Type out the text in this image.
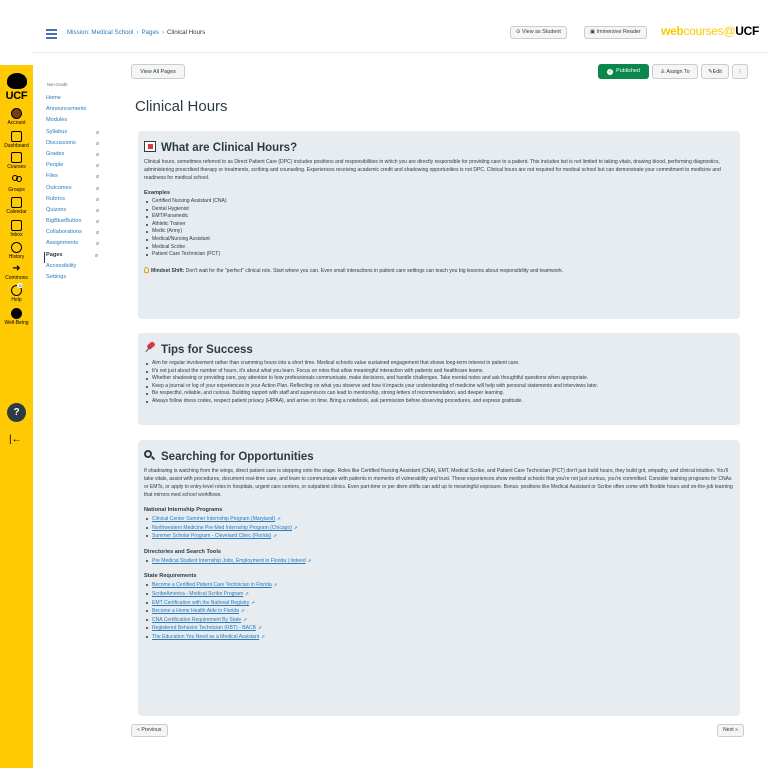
Mission: Medical School › Pages › Clinical Hours	⊙ View as Student	▣ Immersive Reader	webcourses@UCF
UCF
Account
Dashboard
Courses
Groups
Calendar
Inbox
History
➜
Commons
10
Help
Well-Being
?
|←
Non-Credit
Home
Announcements
Modules
Syllabus	ø
Discussions	ø
Grades	ø
People	ø
Files	ø
Outcomes	ø
Rubrics	ø
Quizzes	ø
BigBlueButton	ø
Collaborations	ø
Assignments	ø
Pages	ø
Accessibility
Settings
View All Pages	✓ Published	♙ Assign To	✎Edit	⋮
Clinical Hours
What are Clinical Hours?

Clinical hours, sometimes referred to as Direct Patient Care (DPC) includes positions and responsibilities in which you are directly responsible for providing care to a patient. This includes but is not limited to taking vitals, drawing blood, performing diagnostics, administering prescribed therapy or treatments, scribing and counseling. Experiences receiving academic credit and shadowing opportunities is not DPC. Clinical hours are not required for medical school but can demonstrate your commitment to medicine and readiness for medical school.

Examples
Certified Nursing Assistant (CNA)
Dental Hygienist
EMT/Paramedic
Athletic Trainer
Medic (Army)
Medical/Nursing Assistant
Medical Scribe
Patient Care Technician (PCT)
Mindset Shift: Don't wait for the "perfect" clinical role. Start where you can. Even small interactions in patient care settings can teach you big lessons about responsibility and teamwork.
Tips for Success
Aim for regular involvement rather than cramming hours into a short time. Medical schools value sustained engagement that shows long-term interest in patient care.
It's not just about the number of hours, it's about what you learn. Focus on roles that allow meaningful interaction with patients and healthcare teams.
Whether shadowing or providing care, pay attention to how professionals communicate, make decisions, and handle challenges. Take mental notes and ask thoughtful questions when appropriate.
Keep a journal or log of your experiences in your Action Plan. Reflecting on what you observe and how it impacts your understanding of medicine will help with personal statements and interviews later.
Be respectful, reliable, and curious. Building rapport with staff and supervisors can lead to mentorship, strong letters of recommendation, and deeper learning.
Always follow dress codes, respect patient privacy (HIPAA), and arrive on time. Bring a notebook, ask permission before observing procedures, and express gratitude.
Searching for Opportunities

If shadowing is watching from the wings, direct patient care is stepping onto the stage. Roles like Certified Nursing Assistant (CNA), EMT, Medical Scribe, and Patient Care Technician (PCT) don't just build hours, they build grit, empathy, and clinical intuition. You'll take vitals, assist with procedures, document real-time care, and learn to communicate with patients in moments of vulnerability and trust. These experiences show medical schools that you're not just curious, you're committed. Consider training programs for CNAs or EMTs, or apply to entry-level roles in hospitals, urgent care centers, or outpatient clinics. Even part-time or per diem shifts can add up to meaningful exposure. Bonus: positions like Medical Assistant or Scribe often come with flexible hours and on-the-job learning that mirrors med school workflows.

National Internship Programs
Clinical Center Summer Internship Program (Maryland) ⇗
Northwestern Medicine Pre-Med Internship Program (Chicago) ⇗
Summer Scholar Program - Cleveland Clinic (Florida) ⇗
Directories and Search Tools
Pre Medical Student Internship Jobs, Employment in Florida | Indeed ⇗
State Requirements
Become a Certified Patient Care Technician in Florida ⇗
ScribeAmerica - Medical Scribe Program ⇗
EMT Certification with the National Registry ⇗
Become a Home Health Aide in Florida ⇗
CNA Certification Requirement By State ⇗
Registered Behavior Technician (RBT) - BACB ⇗
The Education You Need as a Medical Assistant ⇗
« Previous	Next »
